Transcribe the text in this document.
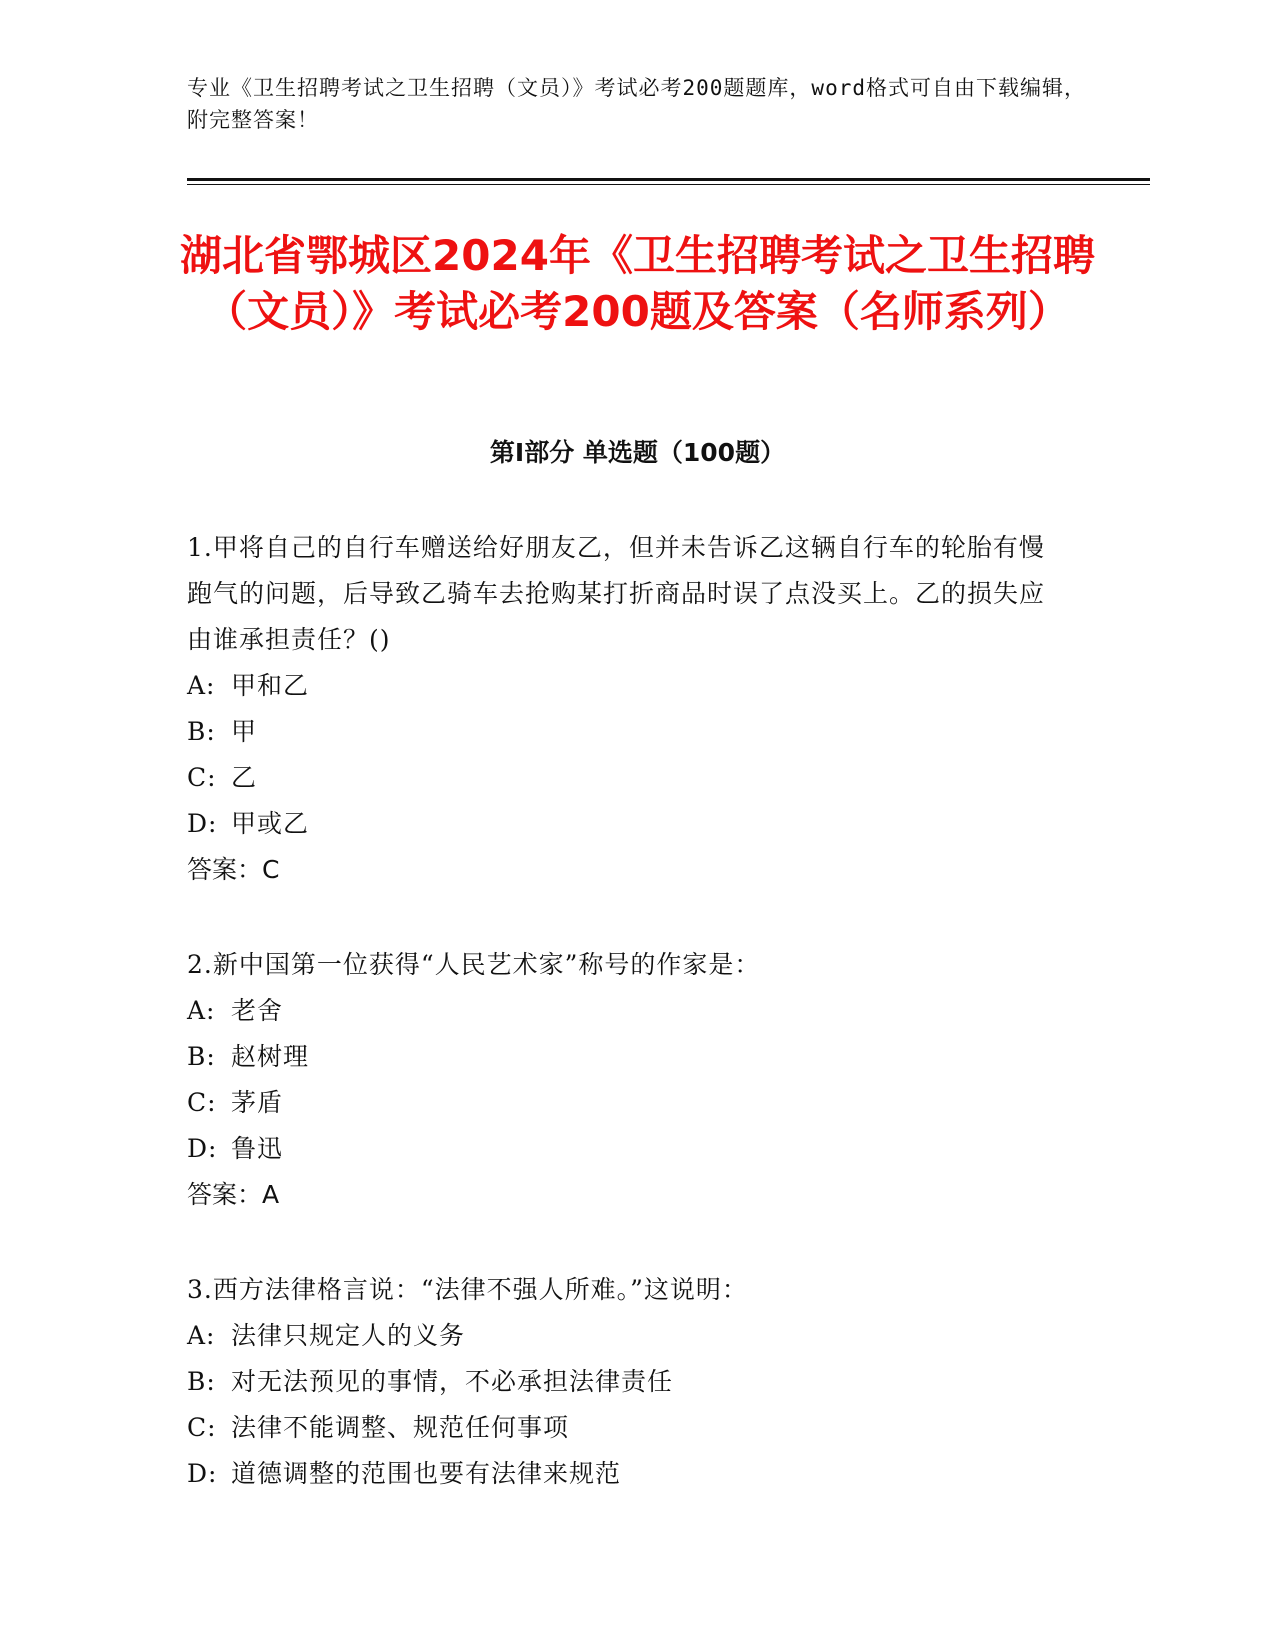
专业《卫生招聘考试之卫生招聘（文员）》考试必考200题题库，word格式可自由下载编辑，附完整答案！
湖北省鄂城区2024年《卫生招聘考试之卫生招聘（文员）》考试必考200题及答案（名师系列）
第I部分 单选题（100题）

1.甲将自己的自行车赠送给好朋友乙，但并未告诉乙这辆自行车的轮胎有慢跑气的问题，后导致乙骑车去抢购某打折商品时误了点没买上。乙的损失应由谁承担责任？()

A: 甲和乙

B: 甲

C: 乙

D: 甲或乙

答案：C

2.新中国第一位获得“人民艺术家”称号的作家是：

A: 老舍

B: 赵树理

C: 茅盾

D: 鲁迅

答案：A

3.西方法律格言说：“法律不强人所难。”这说明：

A: 法律只规定人的义务

B: 对无法预见的事情，不必承担法律责任

C: 法律不能调整、规范任何事项

D: 道德调整的范围也要有法律来规范
